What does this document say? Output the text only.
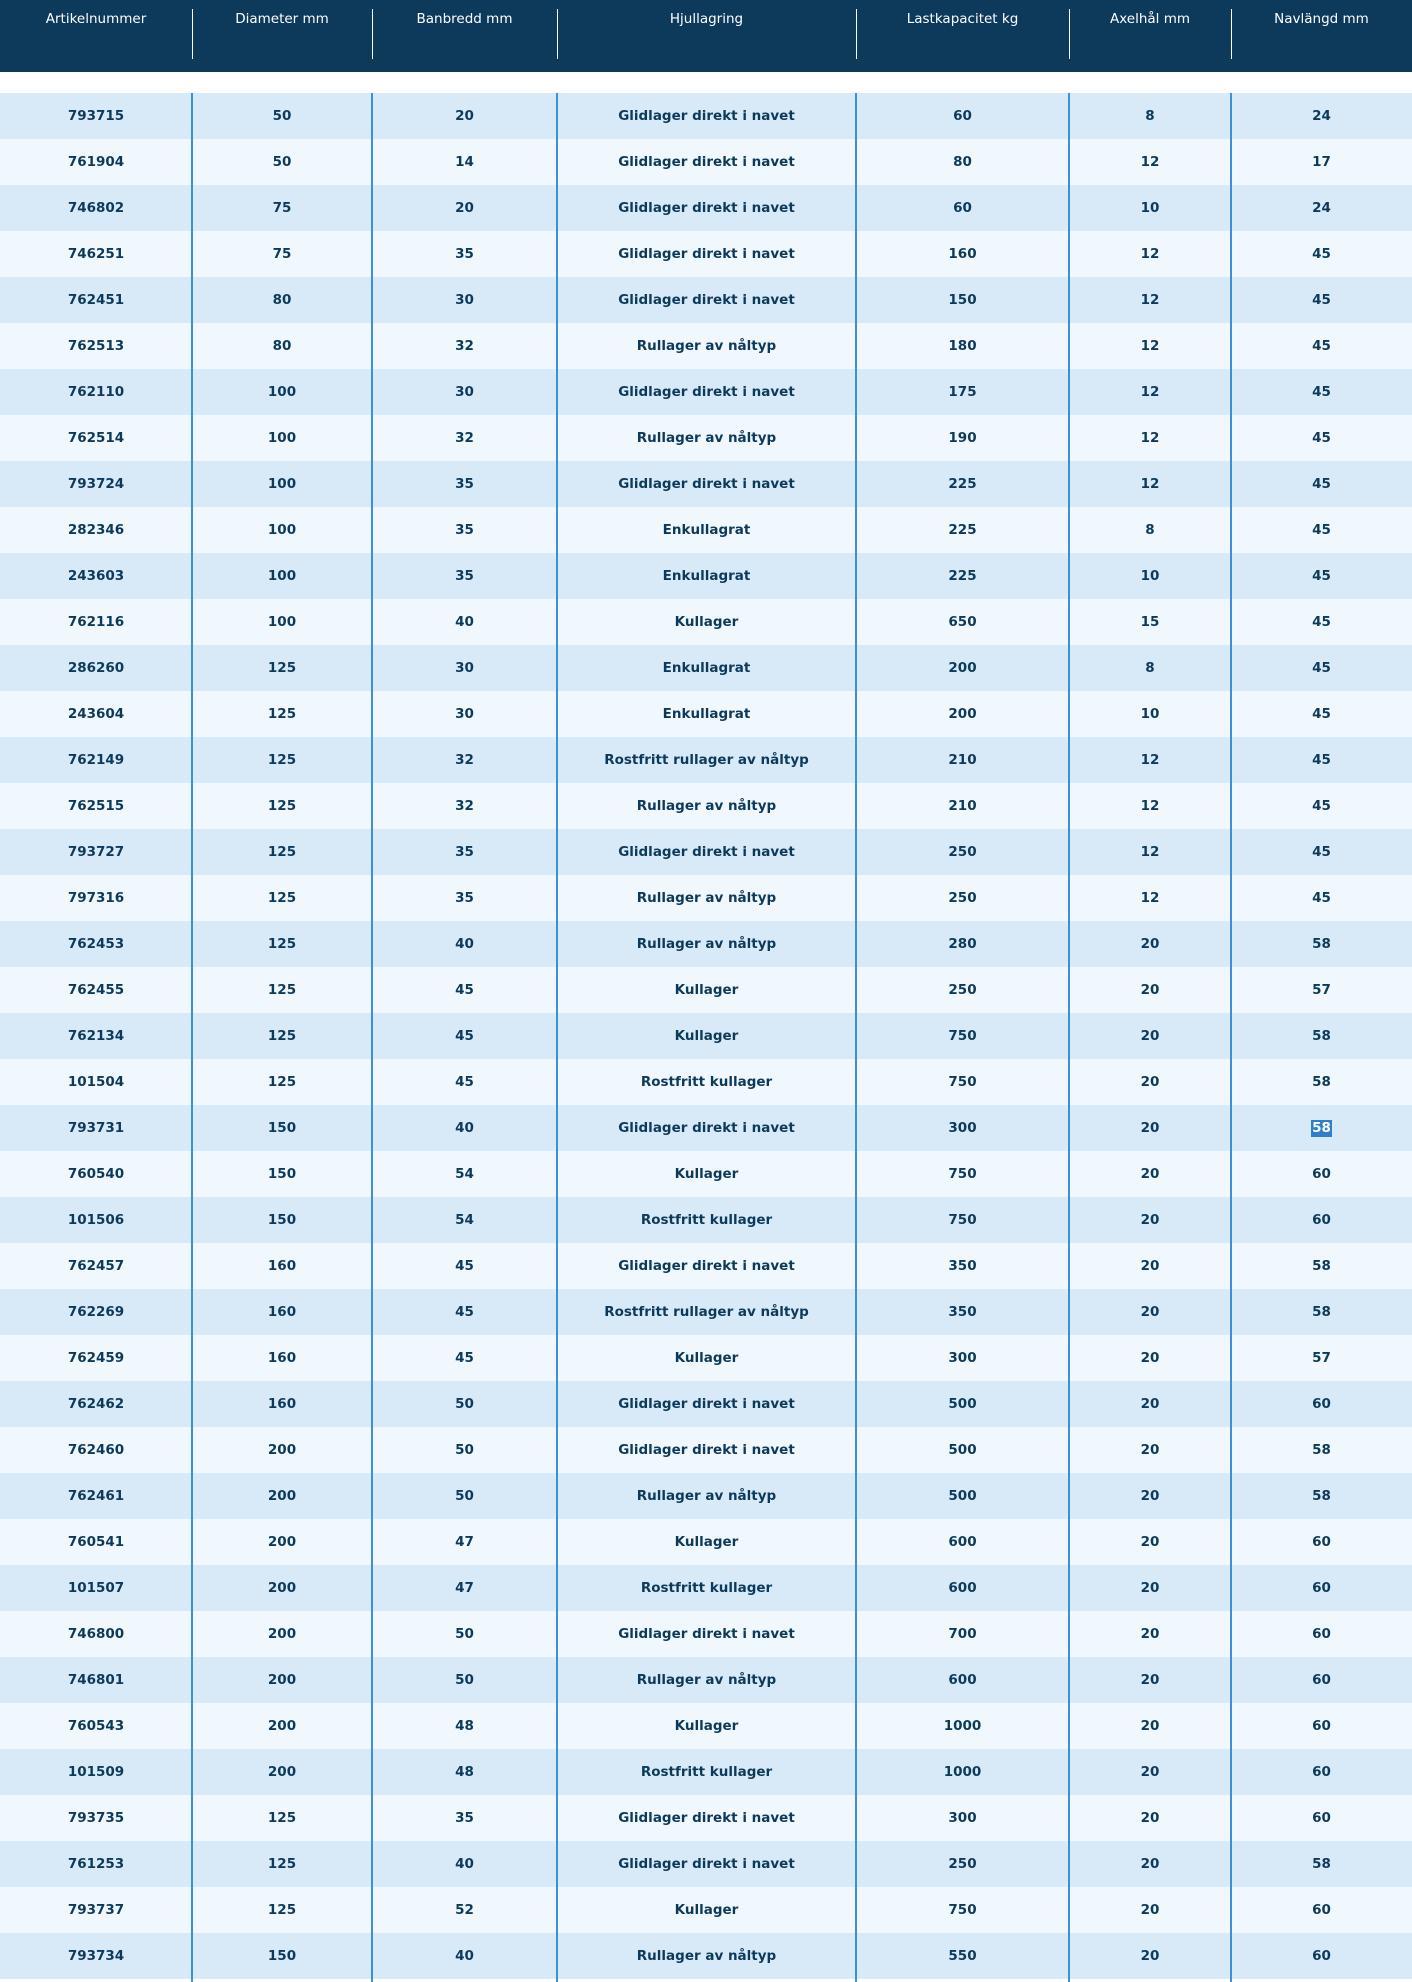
Artikelnummer	Diameter mm	Banbredd mm	Hjullagring	Lastkapacitet kg	Axelhål mm	Navlängd mm
793715	50	20	Glidlager direkt i navet	60	8	24
761904	50	14	Glidlager direkt i navet	80	12	17
746802	75	20	Glidlager direkt i navet	60	10	24
746251	75	35	Glidlager direkt i navet	160	12	45
762451	80	30	Glidlager direkt i navet	150	12	45
762513	80	32	Rullager av nåltyp	180	12	45
762110	100	30	Glidlager direkt i navet	175	12	45
762514	100	32	Rullager av nåltyp	190	12	45
793724	100	35	Glidlager direkt i navet	225	12	45
282346	100	35	Enkullagrat	225	8	45
243603	100	35	Enkullagrat	225	10	45
762116	100	40	Kullager	650	15	45
286260	125	30	Enkullagrat	200	8	45
243604	125	30	Enkullagrat	200	10	45
762149	125	32	Rostfritt rullager av nåltyp	210	12	45
762515	125	32	Rullager av nåltyp	210	12	45
793727	125	35	Glidlager direkt i navet	250	12	45
797316	125	35	Rullager av nåltyp	250	12	45
762453	125	40	Rullager av nåltyp	280	20	58
762455	125	45	Kullager	250	20	57
762134	125	45	Kullager	750	20	58
101504	125	45	Rostfritt kullager	750	20	58
793731	150	40	Glidlager direkt i navet	300	20	58
760540	150	54	Kullager	750	20	60
101506	150	54	Rostfritt kullager	750	20	60
762457	160	45	Glidlager direkt i navet	350	20	58
762269	160	45	Rostfritt rullager av nåltyp	350	20	58
762459	160	45	Kullager	300	20	57
762462	160	50	Glidlager direkt i navet	500	20	60
762460	200	50	Glidlager direkt i navet	500	20	58
762461	200	50	Rullager av nåltyp	500	20	58
760541	200	47	Kullager	600	20	60
101507	200	47	Rostfritt kullager	600	20	60
746800	200	50	Glidlager direkt i navet	700	20	60
746801	200	50	Rullager av nåltyp	600	20	60
760543	200	48	Kullager	1000	20	60
101509	200	48	Rostfritt kullager	1000	20	60
793735	125	35	Glidlager direkt i navet	300	20	60
761253	125	40	Glidlager direkt i navet	250	20	58
793737	125	52	Kullager	750	20	60
793734	150	40	Rullager av nåltyp	550	20	60
